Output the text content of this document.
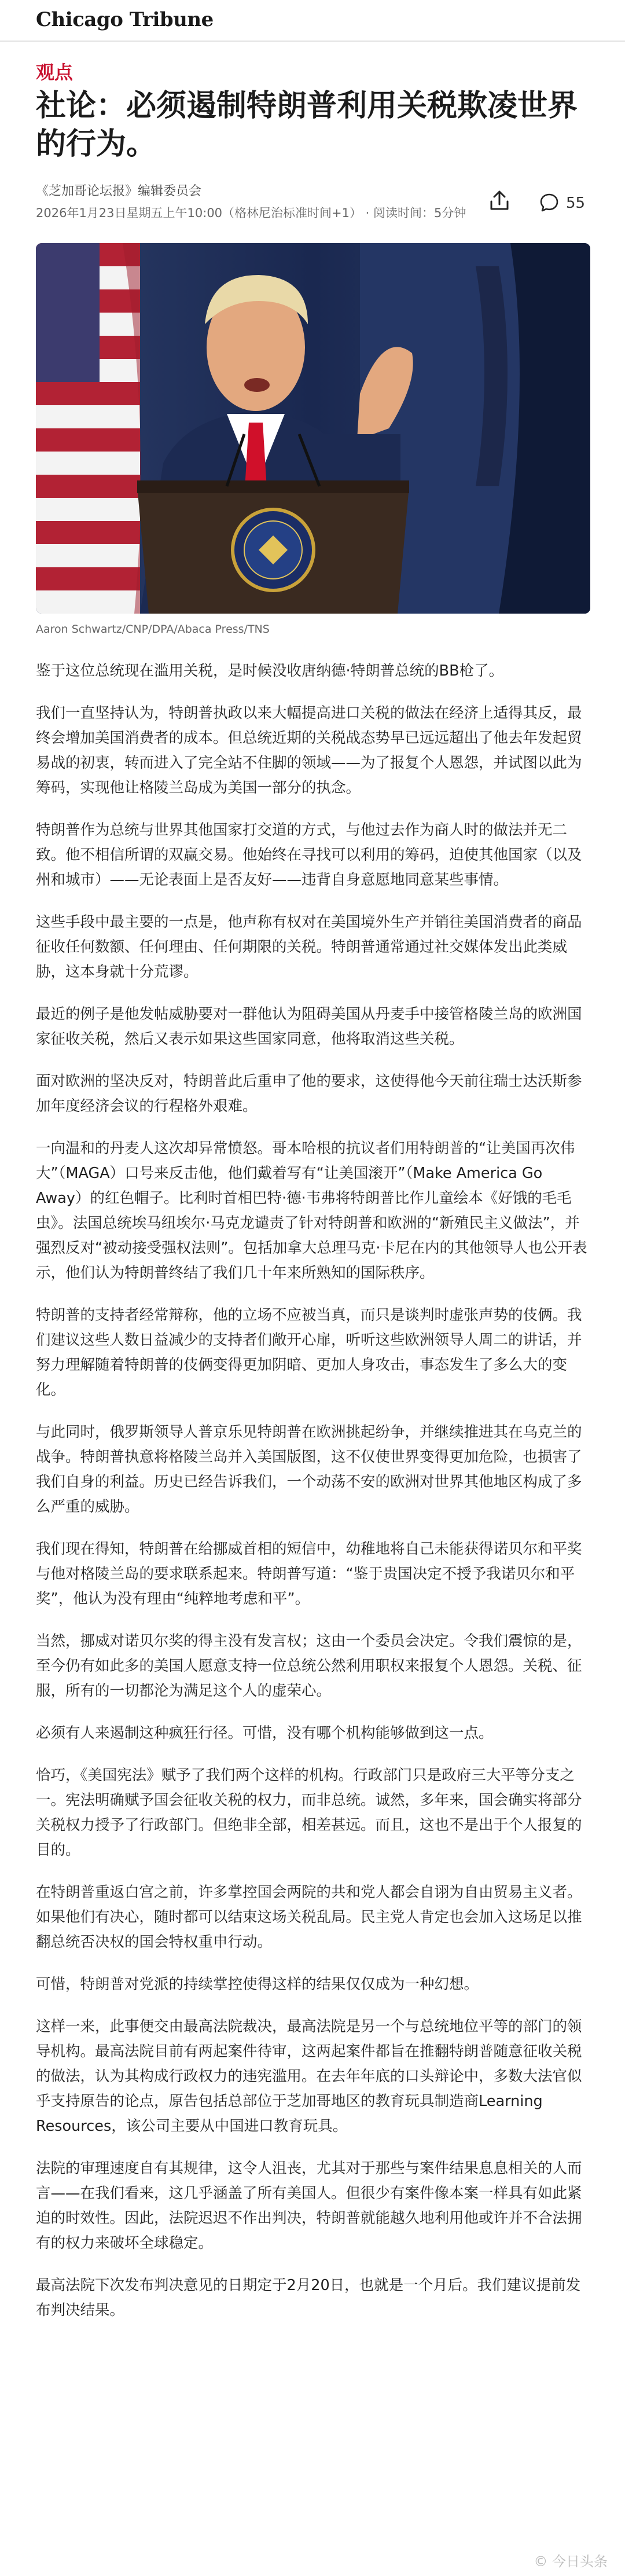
Chicago Tribune
观点
社论：必须遏制特朗普利用关税欺凌世界的行为。
《芝加哥论坛报》编辑委员会
2026年1月23日星期五上午10:00（格林尼治标准时间+1） · 阅读时间：5分钟
55
Aaron Schwartz/CNP/DPA/Abaca Press/TNS

鉴于这位总统现在滥用关税，是时候没收唐纳德·特朗普总统的BB枪了。

我们一直坚持认为，特朗普执政以来大幅提高进口关税的做法在经济上适得其反，最终会增加美国消费者的成本。但总统近期的关税战态势早已远远超出了他去年发起贸易战的初衷，转而进入了完全站不住脚的领域——为了报复个人恩怨，并试图以此为筹码，实现他让格陵兰岛成为美国一部分的执念。

特朗普作为总统与世界其他国家打交道的方式，与他过去作为商人时的做法并无二致。他不相信所谓的双赢交易。他始终在寻找可以利用的筹码，迫使其他国家（以及州和城市）——无论表面上是否友好——违背自身意愿地同意某些事情。

这些手段中最主要的一点是，他声称有权对在美国境外生产并销往美国消费者的商品征收任何数额、任何理由、任何期限的关税。特朗普通常通过社交媒体发出此类威胁，这本身就十分荒谬。

最近的例子是他发帖威胁要对一群他认为阻碍美国从丹麦手中接管格陵兰岛的欧洲国家征收关税，然后又表示如果这些国家同意，他将取消这些关税。

面对欧洲的坚决反对，特朗普此后重申了他的要求，这使得他今天前往瑞士达沃斯参加年度经济会议的行程格外艰难。

一向温和的丹麦人这次却异常愤怒。哥本哈根的抗议者们用特朗普的“让美国再次伟大”（MAGA）口号来反击他，他们戴着写有“让美国滚开”（Make America Go Away）的红色帽子。比利时首相巴特·德·韦弗将特朗普比作儿童绘本《好饿的毛毛虫》。法国总统埃马纽埃尔·马克龙谴责了针对特朗普和欧洲的“新殖民主义做法”，并强烈反对“被动接受强权法则”。包括加拿大总理马克·卡尼在内的其他领导人也公开表示，他们认为特朗普终结了我们几十年来所熟知的国际秩序。

特朗普的支持者经常辩称，他的立场不应被当真，而只是谈判时虚张声势的伎俩。我们建议这些人数日益减少的支持者们敞开心扉，听听这些欧洲领导人周二的讲话，并努力理解随着特朗普的伎俩变得更加阴暗、更加人身攻击，事态发生了多么大的变化。

与此同时，俄罗斯领导人普京乐见特朗普在欧洲挑起纷争，并继续推进其在乌克兰的战争。特朗普执意将格陵兰岛并入美国版图，这不仅使世界变得更加危险，也损害了我们自身的利益。历史已经告诉我们，一个动荡不安的欧洲对世界其他地区构成了多么严重的威胁。

我们现在得知，特朗普在给挪威首相的短信中，幼稚地将自己未能获得诺贝尔和平奖与他对格陵兰岛的要求联系起来。特朗普写道：“鉴于贵国决定不授予我诺贝尔和平奖”，他认为没有理由“纯粹地考虑和平”。

当然，挪威对诺贝尔奖的得主没有发言权；这由一个委员会决定。令我们震惊的是，至今仍有如此多的美国人愿意支持一位总统公然利用职权来报复个人恩怨。关税、征服，所有的一切都沦为满足这个人的虚荣心。

必须有人来遏制这种疯狂行径。可惜，没有哪个机构能够做到这一点。

恰巧，《美国宪法》赋予了我们两个这样的机构。行政部门只是政府三大平等分支之一。宪法明确赋予国会征收关税的权力，而非总统。诚然，多年来，国会确实将部分关税权力授予了行政部门。但绝非全部，相差甚远。而且，这也不是出于个人报复的目的。

在特朗普重返白宫之前，许多掌控国会两院的共和党人都会自诩为自由贸易主义者。如果他们有决心，随时都可以结束这场关税乱局。民主党人肯定也会加入这场足以推翻总统否决权的国会特权重申行动。

可惜，特朗普对党派的持续掌控使得这样的结果仅仅成为一种幻想。

这样一来，此事便交由最高法院裁决，最高法院是另一个与总统地位平等的部门的领导机构。最高法院目前有两起案件待审，这两起案件都旨在推翻特朗普随意征收关税的做法，认为其构成行政权力的违宪滥用。在去年年底的口头辩论中，多数大法官似乎支持原告的论点，原告包括总部位于芝加哥地区的教育玩具制造商Learning Resources，该公司主要从中国进口教育玩具。

法院的审理速度自有其规律，这令人沮丧，尤其对于那些与案件结果息息相关的人而言——在我们看来，这几乎涵盖了所有美国人。但很少有案件像本案一样具有如此紧迫的时效性。因此，法院迟迟不作出判决，特朗普就能越久地利用他或许并不合法拥有的权力来破坏全球稳定。

最高法院下次发布判决意见的日期定于2月20日，也就是一个月后。我们建议提前发布判决结果。

© 今日头条
